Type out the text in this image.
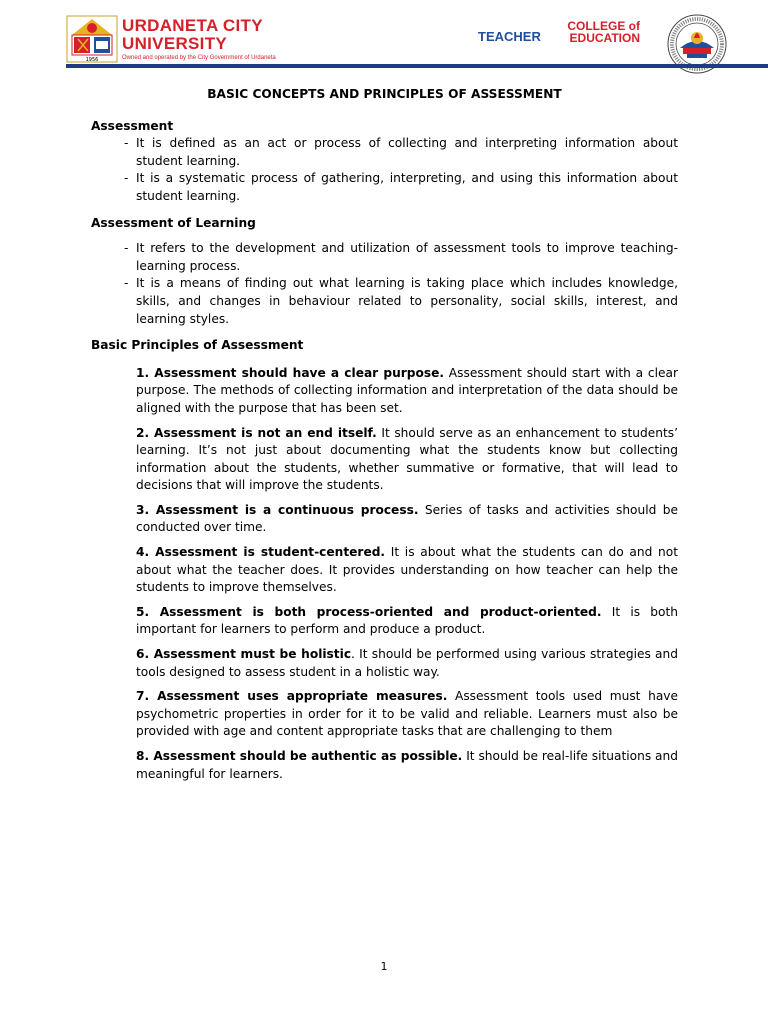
1956
URDANETA CITY
UNIVERSITY
Owned and operated by the City Government of Urdaneta
COLLEGE of
EDUCATION
TEACHER
BASIC CONCEPTS AND PRINCIPLES OF ASSESSMENT
Assessment
- It is defined as an act or process of collecting and interpreting information about student learning.
- It is a systematic process of gathering, interpreting, and using this information about student learning.
Assessment of Learning
- It refers to the development and utilization of assessment tools to improve teaching-learning process.
- It is a means of finding out what learning is taking place which includes knowledge, skills, and changes in behaviour related to personality, social skills, interest, and learning styles.
Basic Principles of Assessment

1. Assessment should have a clear purpose. Assessment should start with a clear purpose. The methods of collecting information and interpretation of the data should be aligned with the purpose that has been set.

2. Assessment is not an end itself. It should serve as an enhancement to students’ learning. It’s not just about documenting what the students know but collecting information about the students, whether summative or formative, that will lead to decisions that will improve the students.

3. Assessment is a continuous process. Series of tasks and activities should be conducted over time.

4. Assessment is student-centered. It is about what the students can do and not about what the teacher does. It provides understanding on how teacher can help the students to improve themselves.

5. Assessment is both process-oriented and product-oriented. It is both important for learners to perform and produce a product.

6. Assessment must be holistic. It should be performed using various strategies and tools designed to assess student in a holistic way.

7. Assessment uses appropriate measures. Assessment tools used must have psychometric properties in order for it to be valid and reliable. Learners must also be provided with age and content appropriate tasks that are challenging to them

8. Assessment should be authentic as possible. It should be real-life situations and meaningful for learners.

1
